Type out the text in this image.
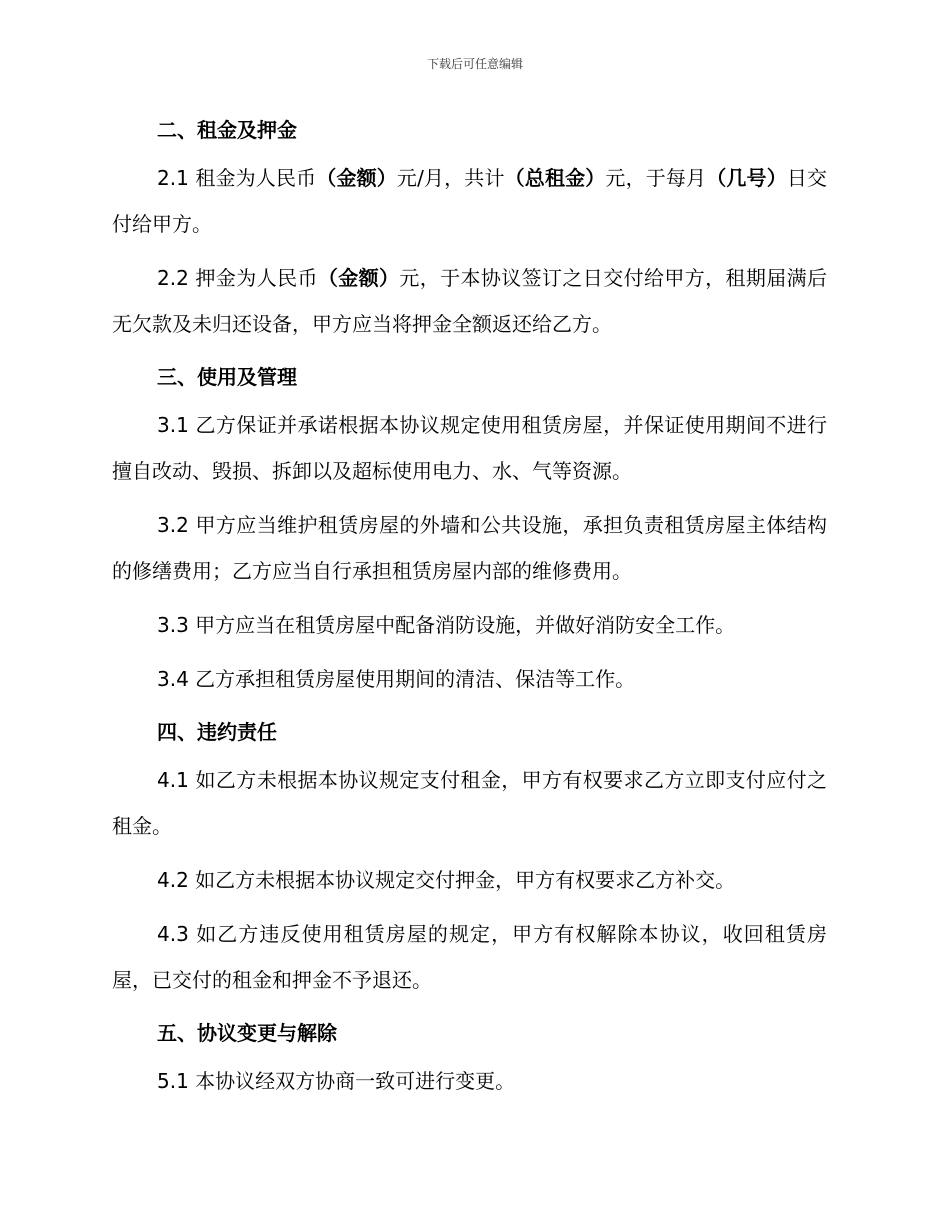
下载后可任意编辑
二、租金及押金

2.1 租金为人民币（金额）元/月，共计（总租金）元，于每月（几号）日交付给甲方。

2.2 押金为人民币（金额）元，于本协议签订之日交付给甲方，租期届满后无欠款及未归还设备，甲方应当将押金全额返还给乙方。

三、使用及管理

3.1 乙方保证并承诺根据本协议规定使用租赁房屋，并保证使用期间不进行擅自改动、毁损、拆卸以及超标使用电力、水、气等资源。

3.2 甲方应当维护租赁房屋的外墙和公共设施，承担负责租赁房屋主体结构的修缮费用；乙方应当自行承担租赁房屋内部的维修费用。

3.3 甲方应当在租赁房屋中配备消防设施，并做好消防安全工作。

3.4 乙方承担租赁房屋使用期间的清洁、保洁等工作。

四、违约责任

4.1 如乙方未根据本协议规定支付租金，甲方有权要求乙方立即支付应付之租金。

4.2 如乙方未根据本协议规定交付押金，甲方有权要求乙方补交。

4.3 如乙方违反使用租赁房屋的规定，甲方有权解除本协议，收回租赁房屋，已交付的租金和押金不予退还。

五、协议变更与解除

5.1 本协议经双方协商一致可进行变更。
